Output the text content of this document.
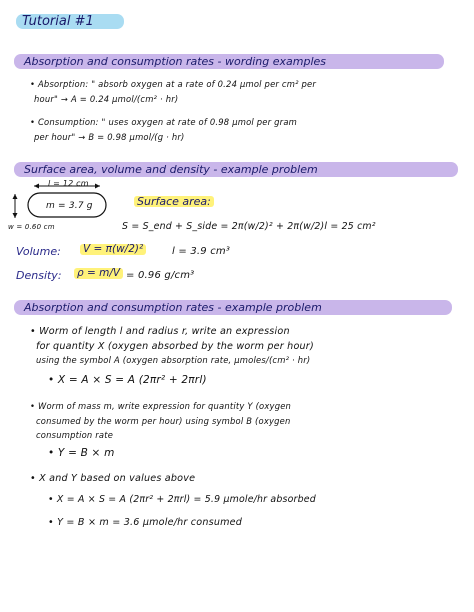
Tutorial #1
Absorption and consumption rates - wording examples
• Absorption: " absorb oxygen at a rate of 0.24 μmol per cm² per
hour" → A = 0.24 μmol/(cm² · hr)
• Consumption: " uses oxygen at rate of 0.98 μmol per gram
per hour" → B = 0.98 μmol/(g · hr)
Surface area, volume and density - example problem
l = 12 cm
m = 3.7 g
w = 0.60 cm
Surface area:
S = S_end + S_side = 2π(w/2)² + 2π(w/2)l = 25 cm²
Volume: V = π(w/2)²	l = 3.9 cm³
Density: ρ = m/V = 0.96 g/cm³
Absorption and consumption rates - example problem
• Worm of length l and radius r, write an expression
for quantity X (oxygen absorbed by the worm per hour)
using the symbol A (oxygen absorption rate, μmoles/(cm² · hr)
• X = A × S = A (2πr² + 2πrl)
• Worm of mass m, write expression for quantity Y (oxygen
consumed by the worm per hour) using symbol B (oxygen
consumption rate
• Y = B × m
• X and Y based on values above
• X = A × S = A (2πr² + 2πrl) = 5.9 μmole/hr absorbed
• Y = B × m = 3.6 μmole/hr consumed
